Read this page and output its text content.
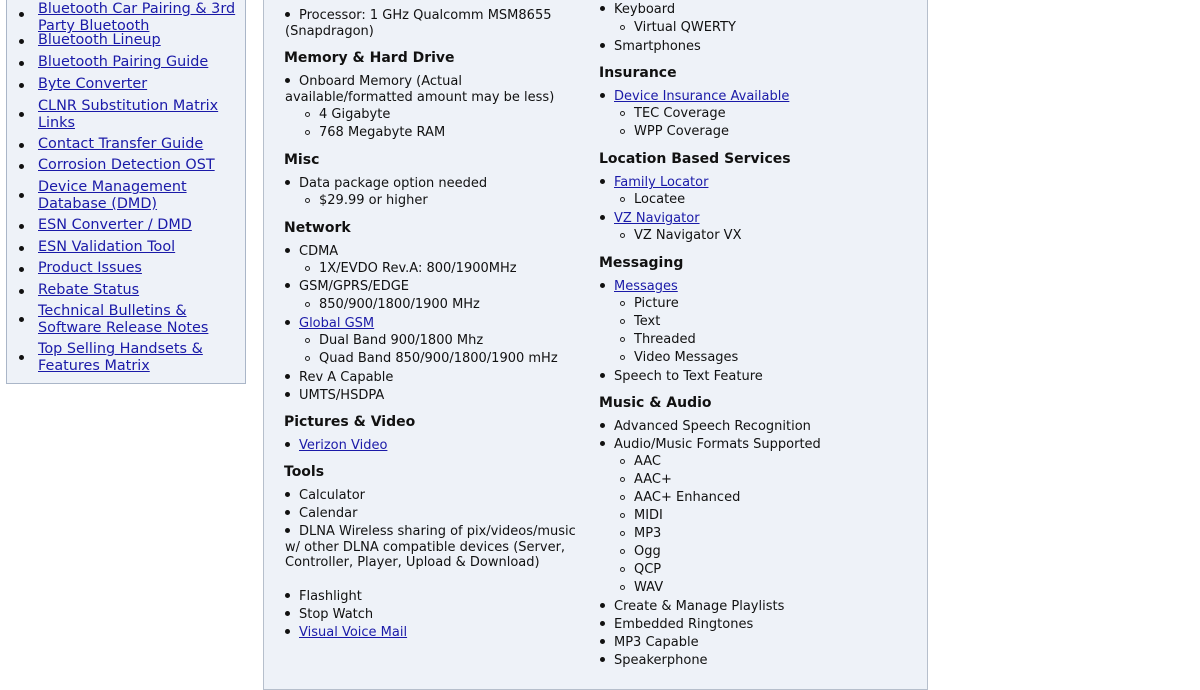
Bluetooth Car Pairing & 3rd Party Bluetooth
Bluetooth Lineup
Bluetooth Pairing Guide
Byte Converter
CLNR Substitution Matrix Links
Contact Transfer Guide
Corrosion Detection OST
Device Management Database (DMD)
ESN Converter / DMD
ESN Validation Tool
Product Issues
Rebate Status
Technical Bulletins & Software Release Notes
Top Selling Handsets & Features Matrix
Processor: 1 GHz Qualcomm MSM8655 (Snapdragon)
Memory & Hard Drive
Onboard Memory (Actual available/formatted amount may be less)
4 Gigabyte
768 Megabyte RAM
Misc
Data package option needed
$29.99 or higher
Network
CDMA
1X/EVDO Rev.A: 800/1900MHz
GSM/GPRS/EDGE
850/900/1800/1900 MHz
Global GSM
Dual Band 900/1800 Mhz
Quad Band 850/900/1800/1900 mHz
Rev A Capable
UMTS/HSDPA
Pictures & Video
Verizon Video
Tools
Calculator
Calendar
DLNA Wireless sharing of pix/videos/music w/ other DLNA compatible devices (Server, Controller, Player, Upload & Download)
Flashlight
Stop Watch
Visual Voice Mail
Keyboard
Virtual QWERTY
Smartphones
Insurance
Device Insurance Available
TEC Coverage
WPP Coverage
Location Based Services
Family Locator
Locatee
VZ Navigator
VZ Navigator VX
Messaging
Messages
Picture
Text
Threaded
Video Messages
Speech to Text Feature
Music & Audio
Advanced Speech Recognition
Audio/Music Formats Supported
AAC
AAC+
AAC+ Enhanced
MIDI
MP3
Ogg
QCP
WAV
Create & Manage Playlists
Embedded Ringtones
MP3 Capable
Speakerphone
